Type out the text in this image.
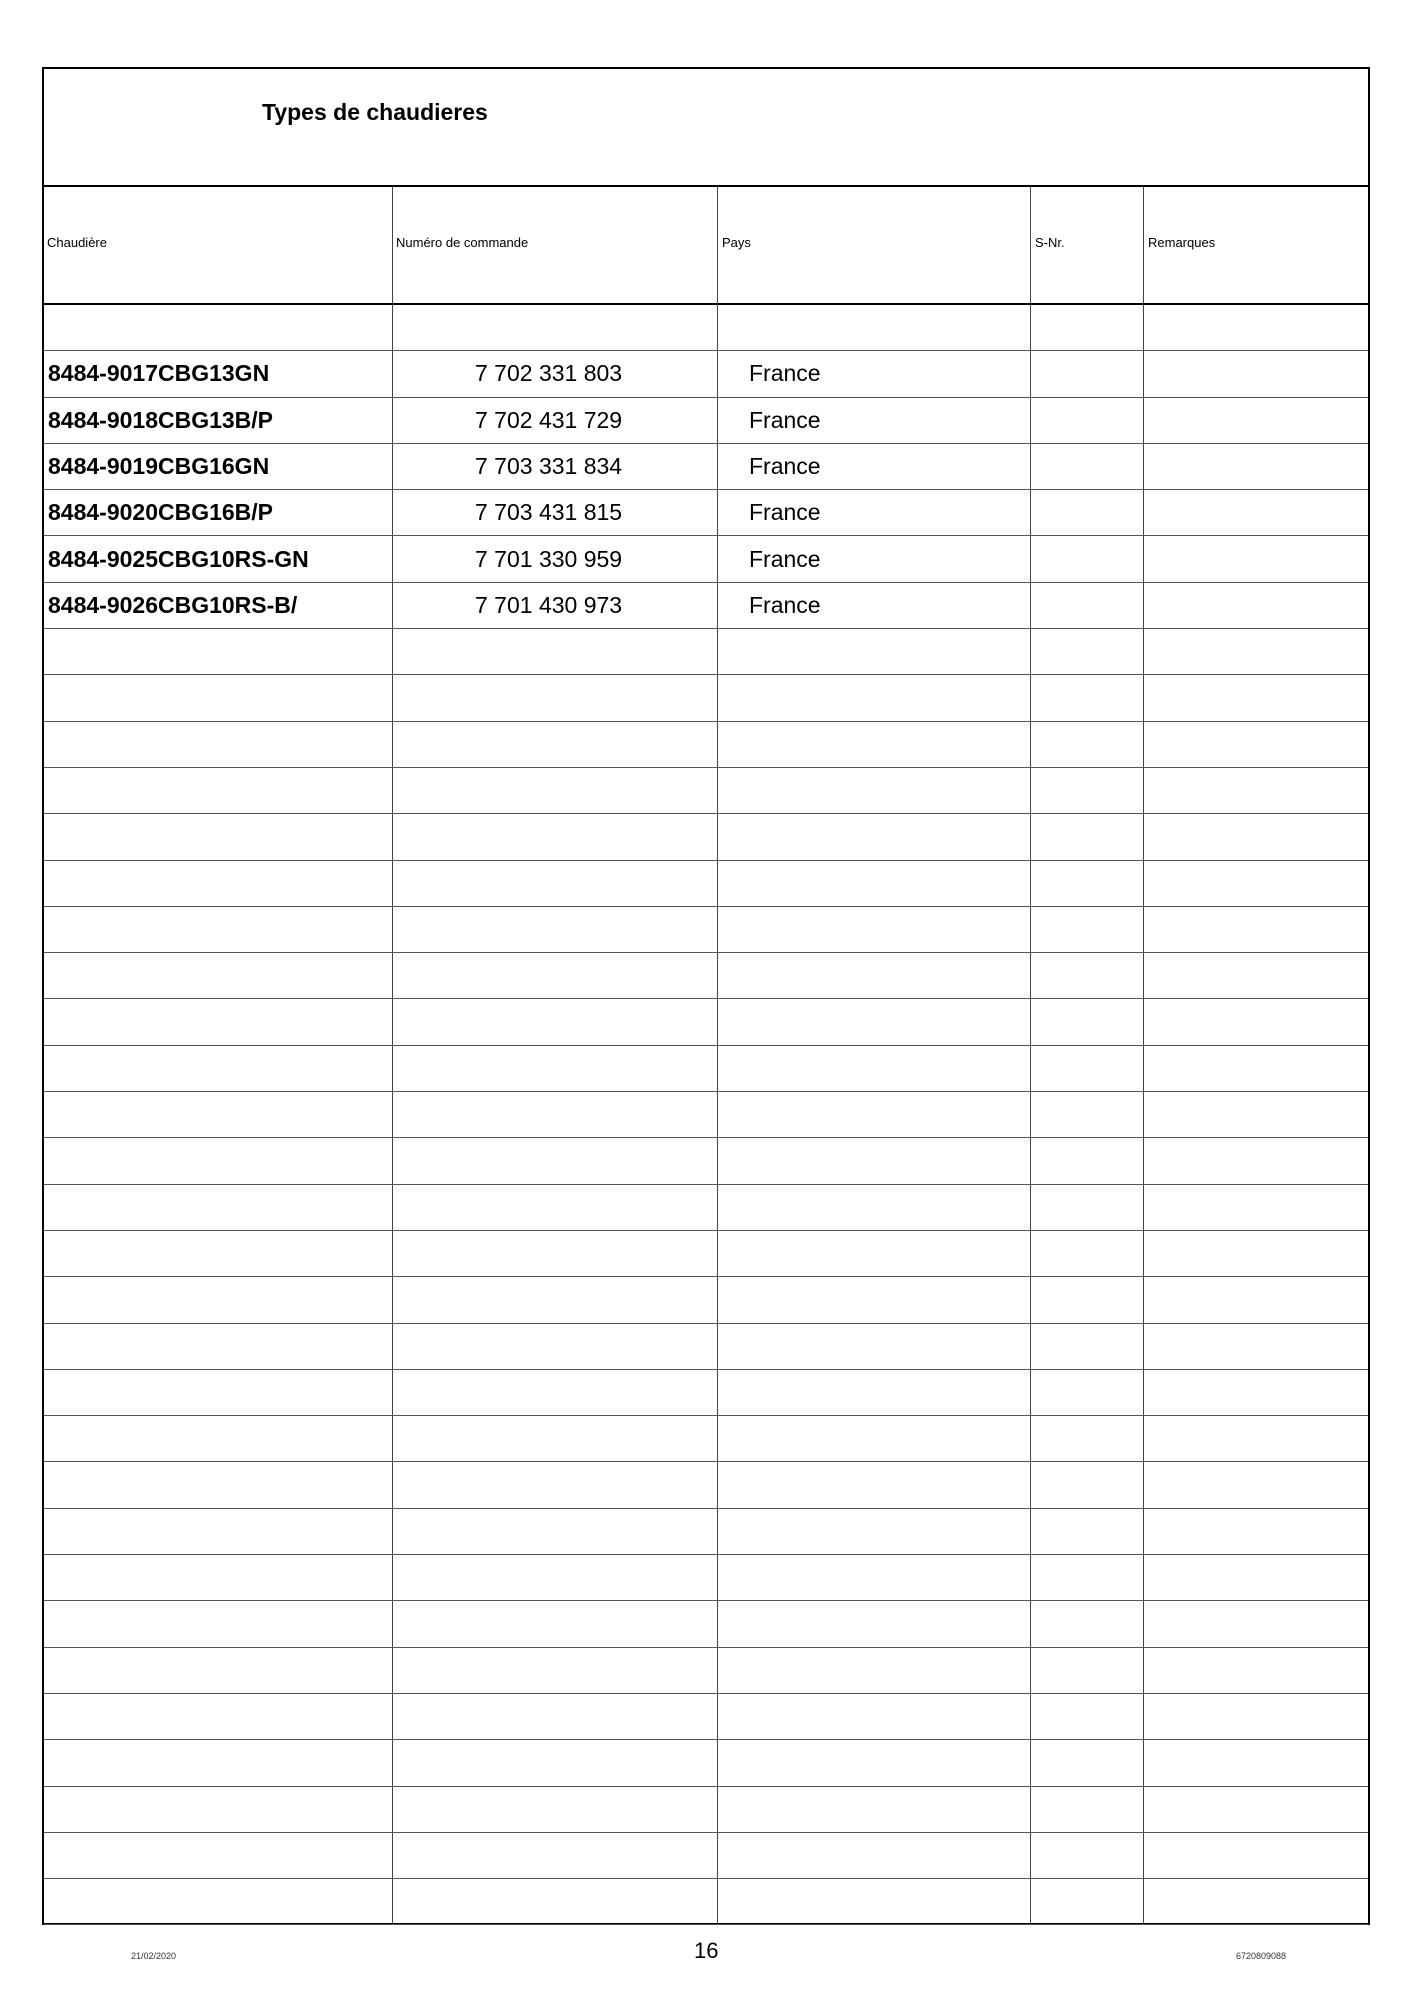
Types de chaudieres
Chaudière	Numéro de commande	Pays	S-Nr.	Remarques
8484-9017CBG13GN	7 702 331 803	France
8484-9018CBG13B/P	7 702 431 729	France
8484-9019CBG16GN	7 703 331 834	France
8484-9020CBG16B/P	7 703 431 815	France
8484-9025CBG10RS-GN	7 701 330 959	France
8484-9026CBG10RS-B/	7 701 430 973	France
21/02/2020	16	6720809088
